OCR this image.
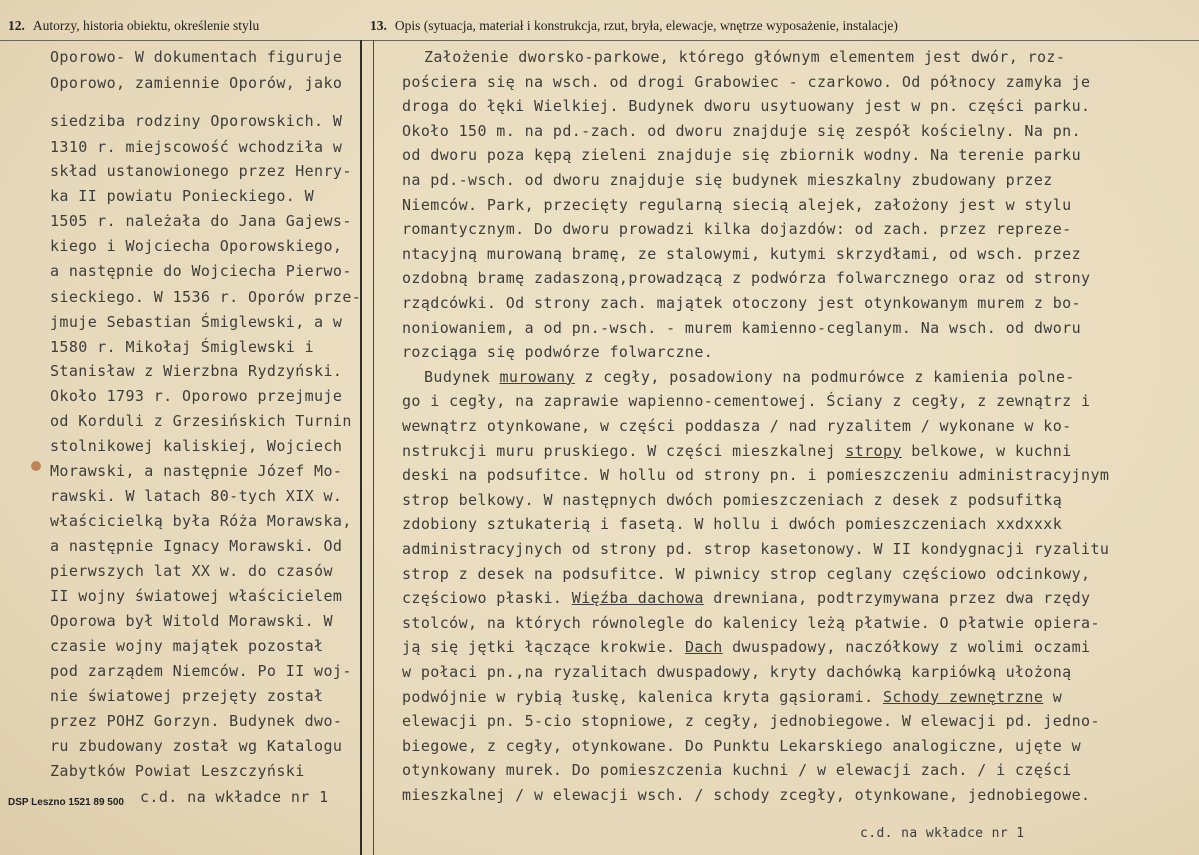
12. Autorzy, historia obiektu, określenie stylu	13. Opis (sytuacja, materiał i konstrukcja, rzut, bryła, elewacje, wnętrze wyposażenie, instalacje)
Oporowo- W dokumentach figuruje
Oporowo, zamiennie Oporów, jako
siedziba rodziny Oporowskich. W
1310 r. miejscowość wchodziła w
skład ustanowionego przez Henry-
ka II powiatu Ponieckiego. W
1505 r. należała do Jana Gajews-
kiego i Wojciecha Oporowskiego,
a następnie do Wojciecha Pierwo-
sieckiego. W 1536 r. Oporów prze-
jmuje Sebastian Śmiglewski, a w
1580 r. Mikołaj Śmiglewski i
Stanisław z Wierzbna Rydzyński.
Około 1793 r. Oporowo przejmuje
od Korduli z Grzesińskich Turnin
stolnikowej kaliskiej, Wojciech
Morawski, a następnie Józef Mo-
rawski. W latach 80-tych XIX w.
właścicielką była Róża Morawska,
a następnie Ignacy Morawski. Od
pierwszych lat XX w. do czasów
II wojny światowej właścicielem
Oporowa był Witold Morawski. W
czasie wojny majątek pozostał
pod zarządem Niemców. Po II woj-
nie światowej przejęty został
przez POHZ Gorzyn. Budynek dwo-
ru zbudowany został wg Katalogu
Zabytków Powiat Leszczyński
c.d. na wkładce nr 1
DSP Leszno 1521 89 500
Założenie dworsko-parkowe, którego głównym elementem jest dwór, roz-
pościera się na wsch. od drogi Grabowiec - czarkowo. Od północy zamyka je
droga do łęki Wielkiej. Budynek dworu usytuowany jest w pn. części parku.
Około 150 m. na pd.-zach. od dworu znajduje się zespół kościelny. Na pn.
od dworu poza kępą zieleni znajduje się zbiornik wodny. Na terenie parku
na pd.-wsch. od dworu znajduje się budynek mieszkalny zbudowany przez
Niemców. Park, przecięty regularną siecią alejek, założony jest w stylu
romantycznym. Do dworu prowadzi kilka dojazdów: od zach. przez repreze-
ntacyjną murowaną bramę, ze stalowymi, kutymi skrzydłami, od wsch. przez
ozdobną bramę zadaszoną,prowadzącą z podwórza folwarcznego oraz od strony
rządcówki. Od strony zach. majątek otoczony jest otynkowanym murem z bo-
noniowaniem, a od pn.-wsch. - murem kamienno-ceglanym. Na wsch. od dworu
rozciąga się podwórze folwarczne.
Budynek murowany z cegły, posadowiony na podmurówce z kamienia polne-
go i cegły, na zaprawie wapienno-cementowej. Ściany z cegły, z zewnątrz i
wewnątrz otynkowane, w części poddasza / nad ryzalitem / wykonane w ko-
nstrukcji muru pruskiego. W części mieszkalnej stropy belkowe, w kuchni
deski na podsufitce. W hollu od strony pn. i pomieszczeniu administracyjnym
strop belkowy. W następnych dwóch pomieszczeniach z desek z podsufitką
zdobiony sztukaterią i fasetą. W hollu i dwóch pomieszczeniach xxdxxxk
administracyjnych od strony pd. strop kasetonowy. W II kondygnacji ryzalitu
strop z desek na podsufitce. W piwnicy strop ceglany częściowo odcinkowy,
częściowo płaski. Więźba dachowa drewniana, podtrzymywana przez dwa rzędy
stolców, na których równolegle do kalenicy leżą płatwie. O płatwie opiera-
ją się jętki łączące krokwie. Dach dwuspadowy, naczółkowy z wolimi oczami
w połaci pn.,na ryzalitach dwuspadowy, kryty dachówką karpiówką ułożoną
podwójnie w rybią łuskę, kalenica kryta gąsiorami. Schody zewnętrzne w
elewacji pn. 5-cio stopniowe, z cegły, jednobiegowe. W elewacji pd. jedno-
biegowe, z cegły, otynkowane. Do Punktu Lekarskiego analogiczne, ujęte w
otynkowany murek. Do pomieszczenia kuchni / w elewacji zach. / i części
mieszkalnej / w elewacji wsch. / schody zcegły, otynkowane, jednobiegowe.
c.d. na wkładce nr 1
